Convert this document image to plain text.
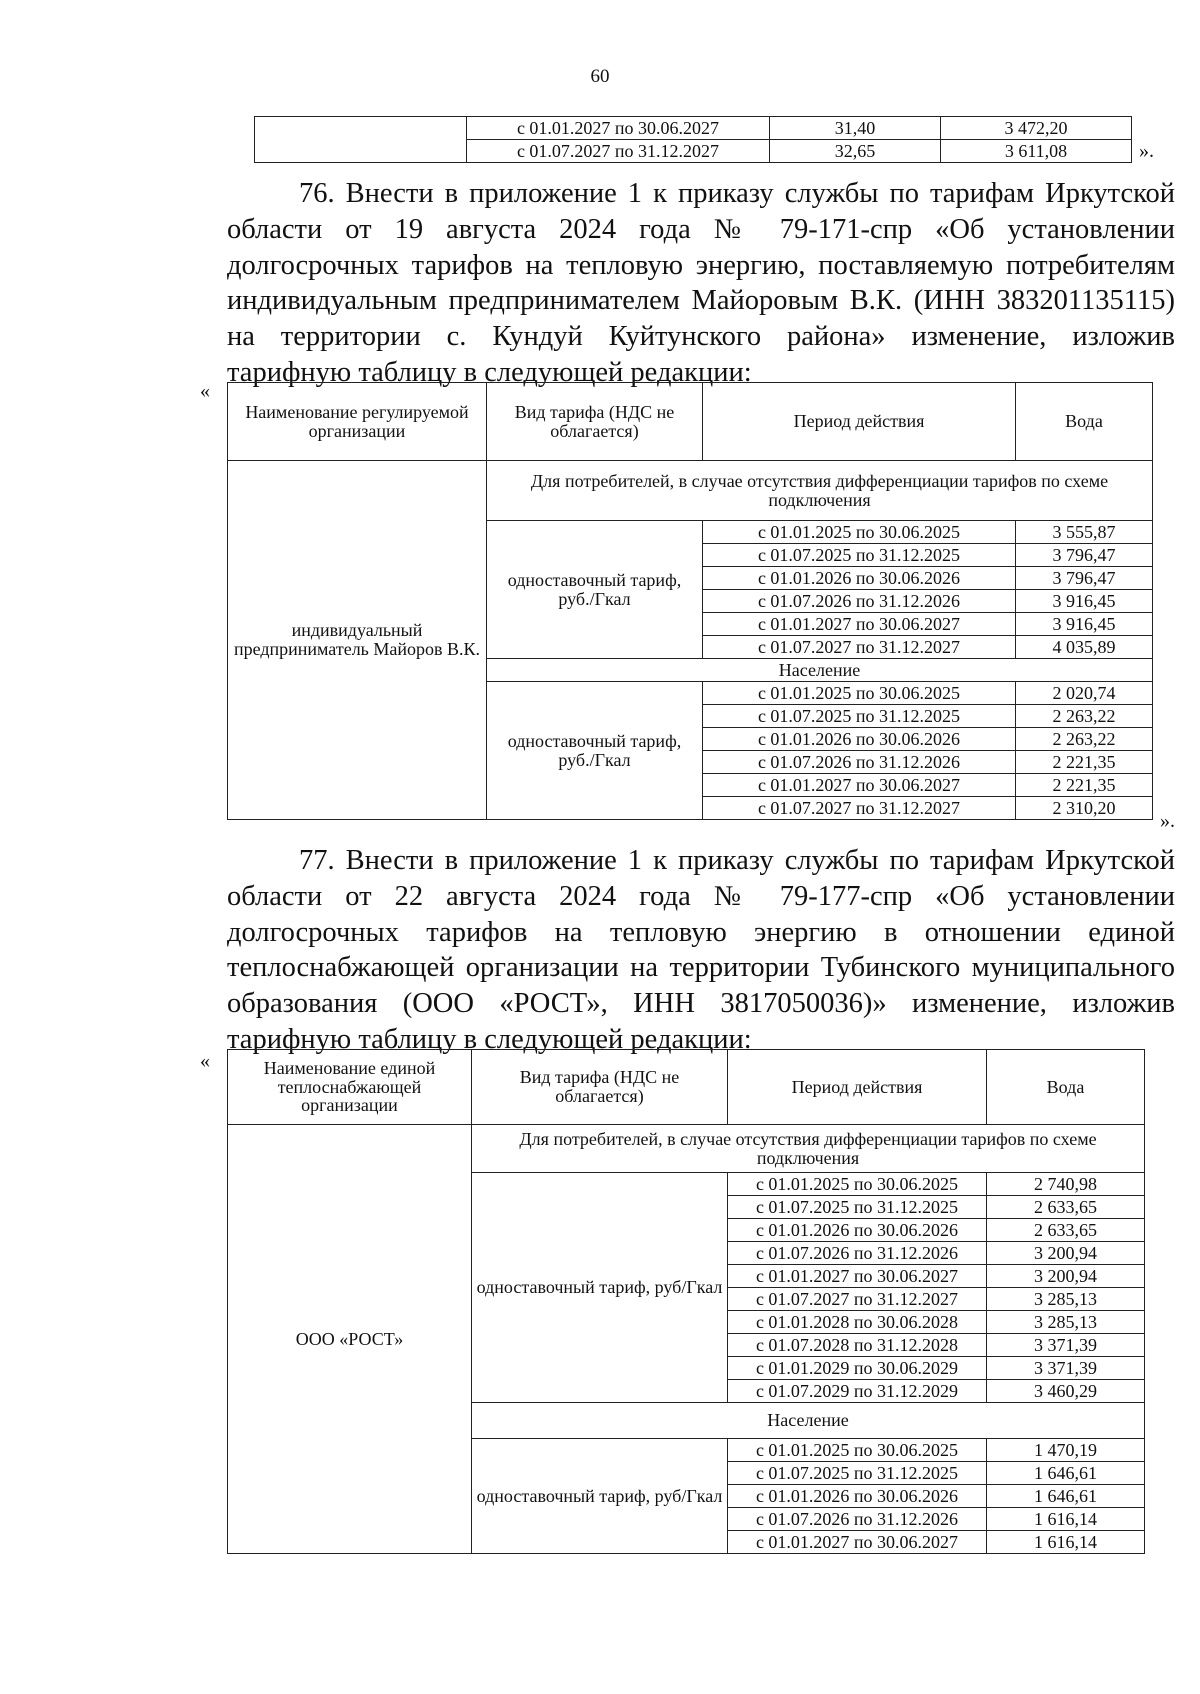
60
	с 01.01.2027 по 30.06.2027	31,40	3 472,20
	с 01.07.2027 по 31.12.2027	32,65	3 611,08	».
76. Внести в приложение 1 к приказу службы по тарифам Иркутской
области от 19 августа 2024 года № 79-171-спр «Об установлении
долгосрочных тарифов на тепловую энергию, поставляемую потребителям
индивидуальным предпринимателем Майоровым В.К. (ИНН 383201135115)
на территории с. Кундуй Куйтунского района» изменение, изложив
тарифную таблицу в следующей редакции:
«
Наименование регулируемой организации	Вид тарифа (НДС не облагается)	Период действия	Вода
индивидуальный предприниматель Майоров В.К.	Для потребителей, в случае отсутствия дифференциации тарифов по схеме подключения		
	одноставочный тариф, руб./Гкал	с 01.01.2025 по 30.06.2025	3 555,87
		с 01.07.2025 по 31.12.2025	3 796,47
		с 01.01.2026 по 30.06.2026	3 796,47
		с 01.07.2026 по 31.12.2026	3 916,45
		с 01.01.2027 по 30.06.2027	3 916,45
		с 01.07.2027 по 31.12.2027	4 035,89
	Население		
	одноставочный тариф, руб./Гкал	с 01.01.2025 по 30.06.2025	2 020,74
		с 01.07.2025 по 31.12.2025	2 263,22
		с 01.01.2026 по 30.06.2026	2 263,22
		с 01.07.2026 по 31.12.2026	2 221,35
		с 01.01.2027 по 30.06.2027	2 221,35
		с 01.07.2027 по 31.12.2027	2 310,20
».
77. Внести в приложение 1 к приказу службы по тарифам Иркутской
области от 22 августа 2024 года № 79-177-спр «Об установлении
долгосрочных тарифов на тепловую энергию в отношении единой
теплоснабжающей организации на территории Тубинского муниципального
образования (ООО «РОСТ», ИНН 3817050036)» изменение, изложив
тарифную таблицу в следующей редакции:
«	Наименование единой теплоснабжающей организации	Вид тарифа (НДС не облагается)	Период действия	Вода
ООО «РОСТ»	Для потребителей, в случае отсутствия дифференциации тарифов по схеме подключения		
	одноставочный тариф, руб/Гкал	с 01.01.2025 по 30.06.2025	2 740,98
		с 01.07.2025 по 31.12.2025	2 633,65
		с 01.01.2026 по 30.06.2026	2 633,65
		с 01.07.2026 по 31.12.2026	3 200,94
		с 01.01.2027 по 30.06.2027	3 200,94
		с 01.07.2027 по 31.12.2027	3 285,13
		с 01.01.2028 по 30.06.2028	3 285,13
		с 01.07.2028 по 31.12.2028	3 371,39
		с 01.01.2029 по 30.06.2029	3 371,39
		с 01.07.2029 по 31.12.2029	3 460,29
	Население		
	одноставочный тариф, руб/Гкал	с 01.01.2025 по 30.06.2025	1 470,19
		с 01.07.2025 по 31.12.2025	1 646,61
		с 01.01.2026 по 30.06.2026	1 646,61
		с 01.07.2026 по 31.12.2026	1 616,14
		с 01.01.2027 по 30.06.2027	1 616,14
